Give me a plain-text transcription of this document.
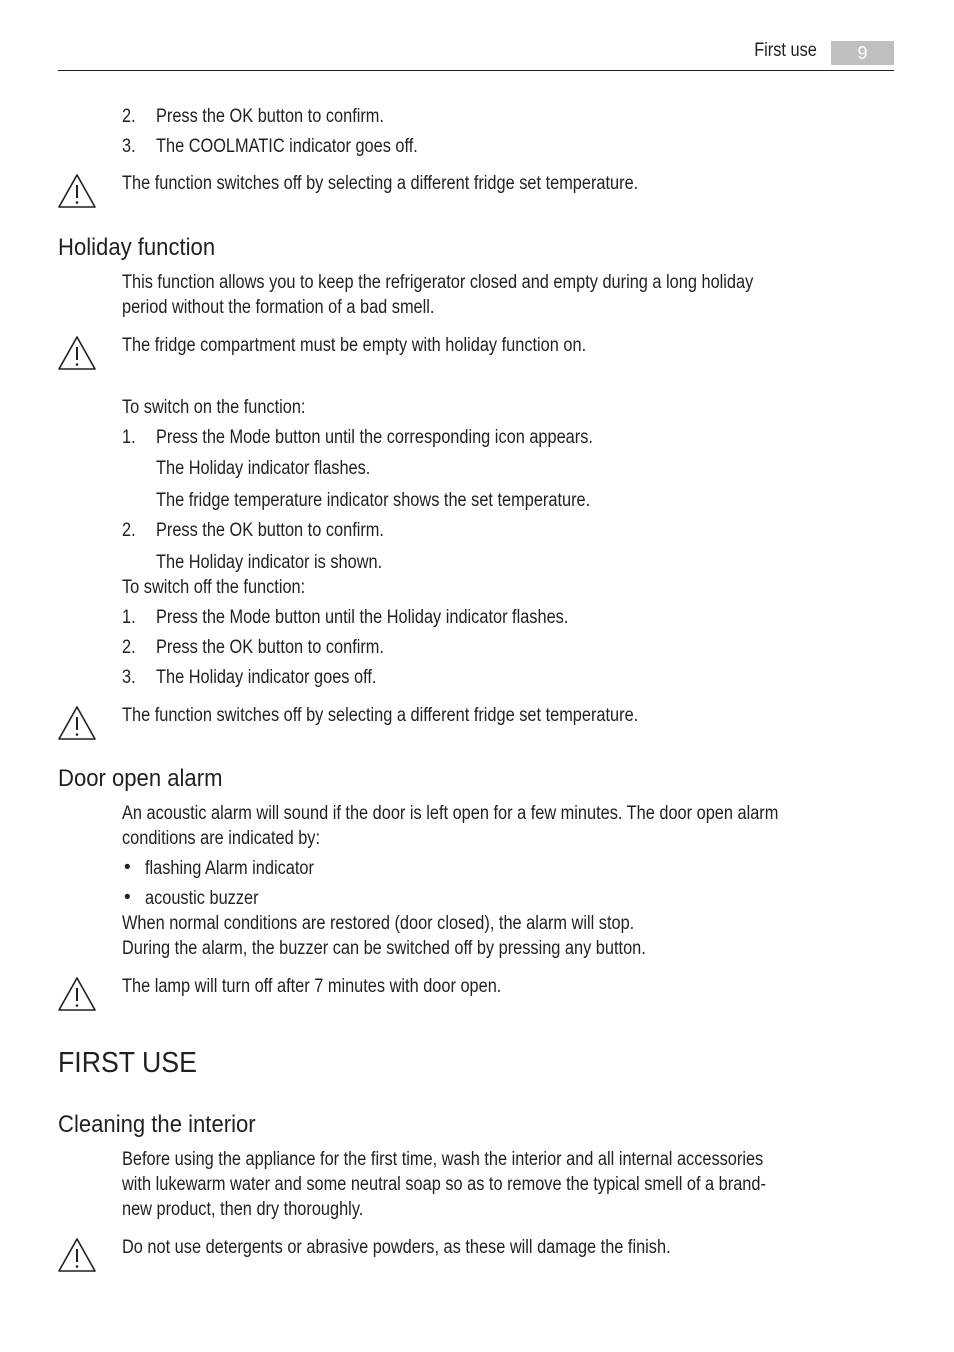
First use	9
2. Press the OK button to confirm.
3. The COOLMATIC indicator goes off.
The function switches off by selecting a different fridge set temperature.
Holiday function
This function allows you to keep the refrigerator closed and empty during a long holiday
period without the formation of a bad smell.
The fridge compartment must be empty with holiday function on.
To switch on the function:
1. Press the Mode button until the corresponding icon appears.
The Holiday indicator flashes.
The fridge temperature indicator shows the set temperature.
2. Press the OK button to confirm.
The Holiday indicator is shown.
To switch off the function:
1. Press the Mode button until the Holiday indicator flashes.
2. Press the OK button to confirm.
3. The Holiday indicator goes off.
The function switches off by selecting a different fridge set temperature.
Door open alarm
An acoustic alarm will sound if the door is left open for a few minutes. The door open alarm
conditions are indicated by:
• flashing Alarm indicator
• acoustic buzzer
When normal conditions are restored (door closed), the alarm will stop.
During the alarm, the buzzer can be switched off by pressing any button.
The lamp will turn off after 7 minutes with door open.
FIRST USE
Cleaning the interior
Before using the appliance for the first time, wash the interior and all internal accessories
with lukewarm water and some neutral soap so as to remove the typical smell of a brand-
new product, then dry thoroughly.
Do not use detergents or abrasive powders, as these will damage the finish.
